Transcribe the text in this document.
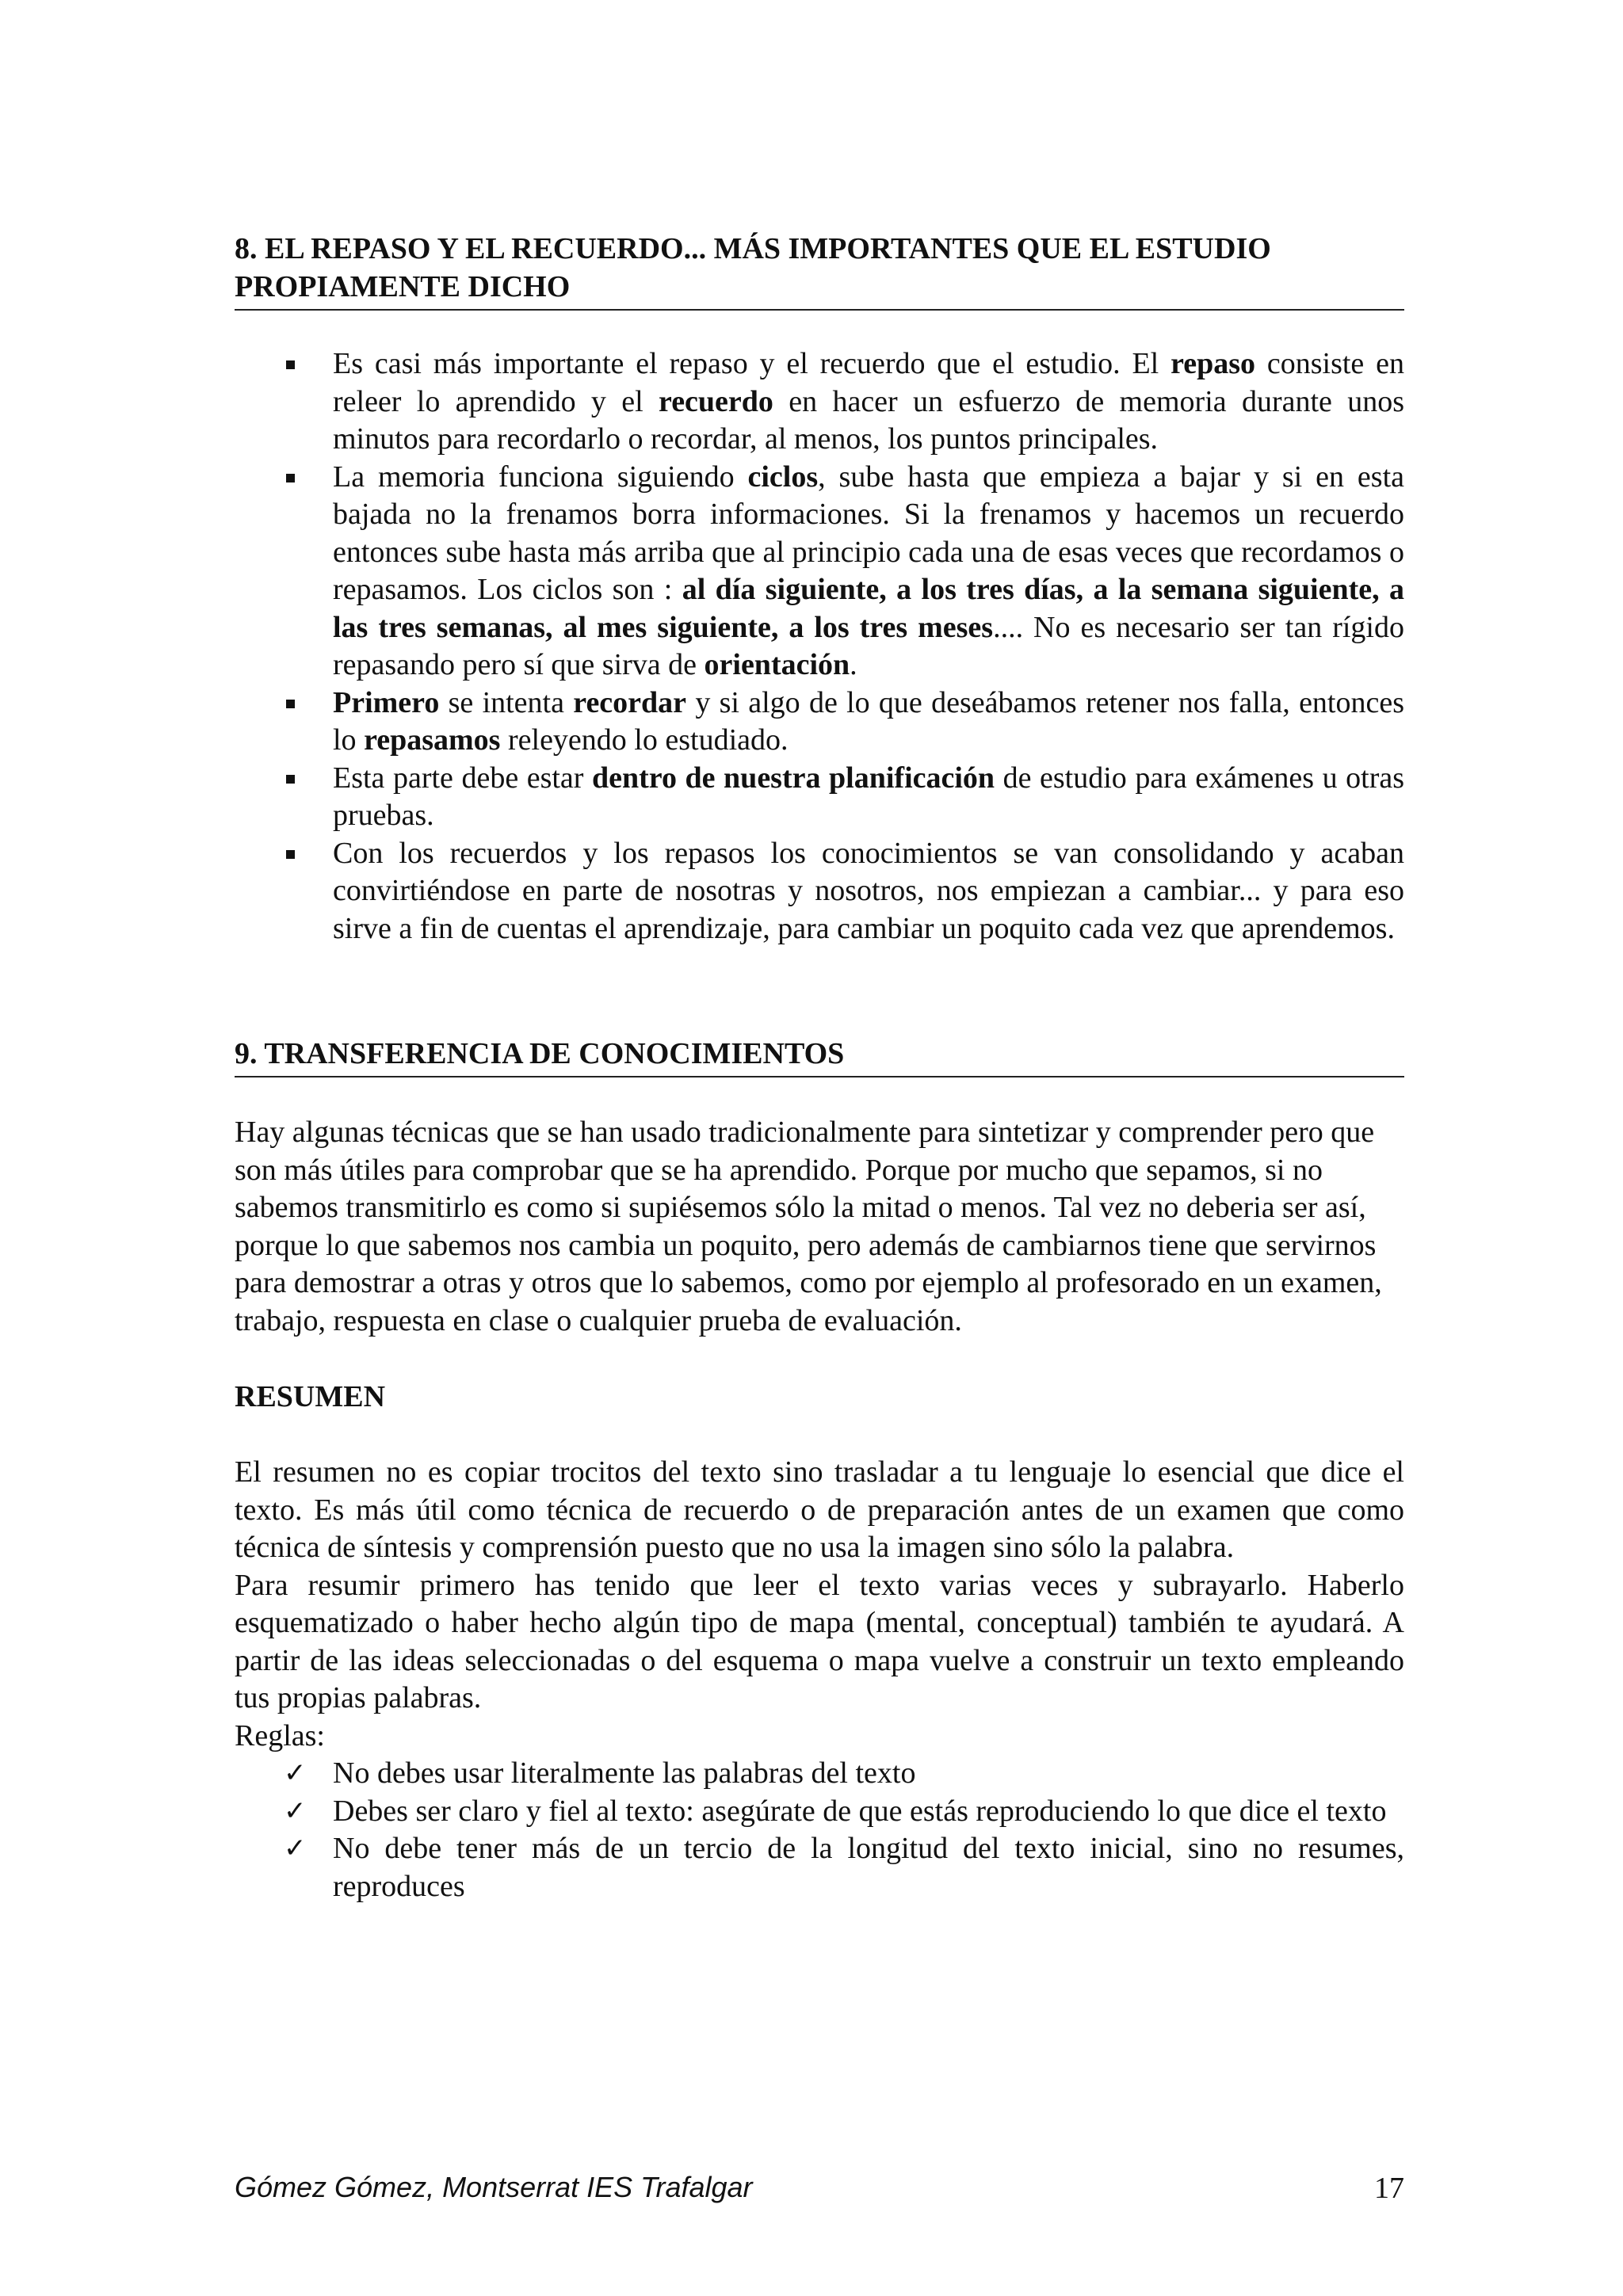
8. EL REPASO Y EL RECUERDO... MÁS IMPORTANTES QUE EL ESTUDIO
PROPIAMENTE DICHO
Es casi más importante el repaso y el recuerdo que el estudio. El repaso consiste en releer lo aprendido y el recuerdo en hacer un esfuerzo de memoria durante unos minutos para recordarlo o recordar, al menos, los puntos principales.
La memoria funciona siguiendo ciclos, sube hasta que empieza a bajar y si en esta bajada no la frenamos borra informaciones. Si la frenamos y hacemos un recuerdo entonces sube hasta más arriba que al principio cada una de esas veces que recordamos o repasamos. Los ciclos son : al día siguiente, a los tres días, a la semana siguiente, a las tres semanas, al mes siguiente, a los tres meses.... No es necesario ser tan rígido repasando pero sí que sirva de orientación.
Primero se intenta recordar y si algo de lo que deseábamos retener nos falla, entonces lo repasamos releyendo lo estudiado.
Esta parte debe estar dentro de nuestra planificación de estudio para exámenes u otras pruebas.
Con los recuerdos y los repasos los conocimientos se van consolidando y acaban convirtiéndose en parte de nosotras y nosotros, nos empiezan a cambiar... y para eso sirve a fin de cuentas el aprendizaje, para cambiar un poquito cada vez que aprendemos.
9. TRANSFERENCIA DE CONOCIMIENTOS

Hay algunas técnicas que se han usado tradicionalmente para sintetizar y comprender pero que son más útiles para comprobar que se ha aprendido. Porque por mucho que sepamos, si no sabemos transmitirlo es como si supiésemos sólo la mitad o menos. Tal vez no deberia ser así, porque lo que sabemos nos cambia un poquito, pero además de cambiarnos tiene que servirnos para demostrar a otras y otros que lo sabemos, como por ejemplo al profesorado en un examen, trabajo, respuesta en clase o cualquier prueba de evaluación.

RESUMEN

El resumen no es copiar trocitos del texto sino trasladar a tu lenguaje lo esencial que dice el texto. Es más útil como técnica de recuerdo o de preparación antes de un examen que como técnica de síntesis y comprensión puesto que no usa la imagen sino sólo la palabra.

Para resumir primero has tenido que leer el texto varias veces y subrayarlo. Haberlo esquematizado o haber hecho algún tipo de mapa (mental, conceptual) también te ayudará. A partir de las ideas seleccionadas o del esquema o mapa vuelve a construir un texto empleando tus propias palabras.

Reglas:

✓ No debes usar literalmente las palabras del texto
✓ Debes ser claro y fiel al texto: asegúrate de que estás reproduciendo lo que dice el texto
✓ No debe tener más de un tercio de la longitud del texto inicial, sino no resumes, reproduces
Gómez Gómez, Montserrat IES Trafalgar	17
